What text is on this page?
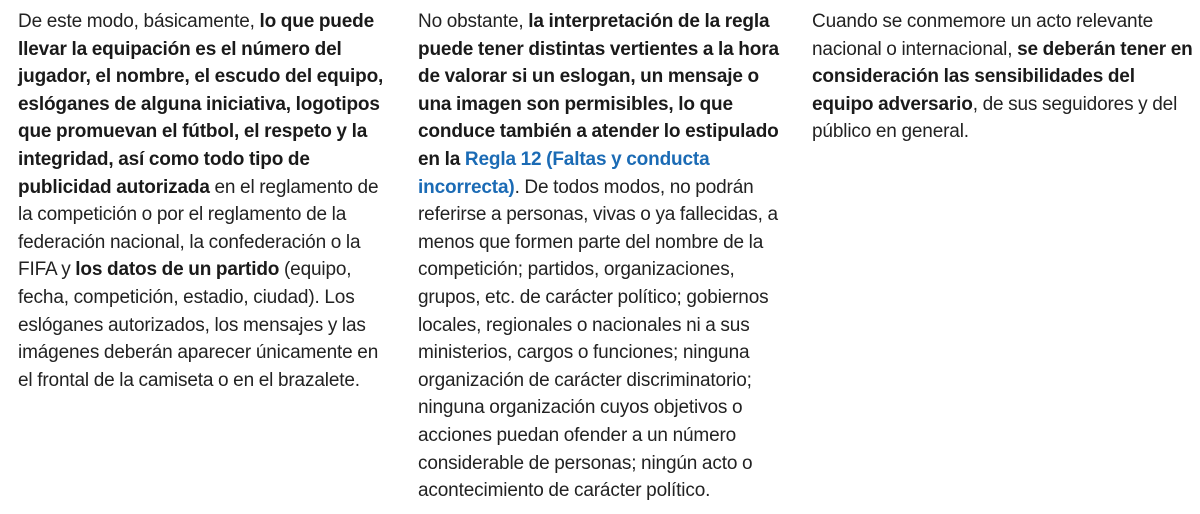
De este modo, básicamente, lo que puede llevar la equipación es el número del jugador, el nombre, el escudo del equipo, eslóganes de alguna iniciativa, logotipos que promuevan el fútbol, el respeto y la integridad, así como todo tipo de publicidad autorizada en el reglamento de la competición o por el reglamento de la federación nacional, la confederación o la FIFA y los datos de un partido (equipo, fecha, competición, estadio, ciudad). Los eslóganes autorizados, los mensajes y las imágenes deberán aparecer únicamente en el frontal de la camiseta o en el brazalete.

No obstante, la interpretación de la regla puede tener distintas vertientes a la hora de valorar si un eslogan, un mensaje o una imagen son permisibles, lo que conduce también a atender lo estipulado en la Regla 12 (Faltas y conducta incorrecta). De todos modos, no podrán referirse a personas, vivas o ya fallecidas, a menos que formen parte del nombre de la competición; partidos, organizaciones, grupos, etc. de carácter político; gobiernos locales, regionales o nacionales ni a sus ministerios, cargos o funciones; ninguna organización de carácter discriminatorio; ninguna organización cuyos objetivos o acciones puedan ofender a un número considerable de personas; ningún acto o acontecimiento de carácter político.

Cuando se conmemore un acto relevante nacional o internacional, se deberán tener en consideración las sensibilidades del equipo adversario, de sus seguidores y del público en general.
